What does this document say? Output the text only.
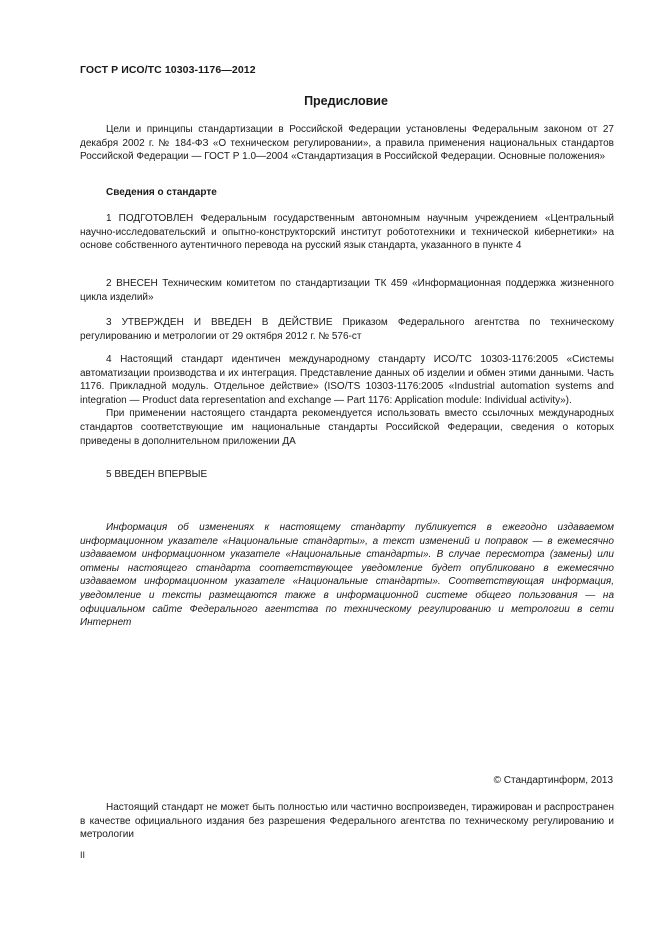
ГОСТ Р ИСО/ТС 10303-1176—2012
Предисловие
Цели и принципы стандартизации в Российской Федерации установлены Федеральным законом от 27 декабря 2002 г. № 184-ФЗ «О техническом регулировании», а правила применения национальных стандартов Российской Федерации — ГОСТ Р 1.0—2004 «Стандартизация в Российской Федерации. Основные положения»
Сведения о стандарте
1 ПОДГОТОВЛЕН Федеральным государственным автономным научным учреждением «Центральный научно-исследовательский и опытно-конструкторский институт робототехники и технической кибернетики» на основе собственного аутентичного перевода на русский язык стандарта, указанного в пункте 4
2 ВНЕСЕН Техническим комитетом по стандартизации ТК 459 «Информационная поддержка жизненного цикла изделий»
3 УТВЕРЖДЕН И ВВЕДЕН В ДЕЙСТВИЕ Приказом Федерального агентства по техническому регулированию и метрологии от 29 октября 2012 г. № 576-ст

4 Настоящий стандарт идентичен международному стандарту ИСО/ТС 10303-1176:2005 «Системы автоматизации производства и их интеграция. Представление данных об изделии и обмен этими данными. Часть 1176. Прикладной модуль. Отдельное действие» (ISO/TS 10303-1176:2005 «Industrial automation systems and integration — Product data representation and exchange — Part 1176: Application module: Individual activity»).

При применении настоящего стандарта рекомендуется использовать вместо ссылочных международных стандартов соответствующие им национальные стандарты Российской Федерации, сведения о которых приведены в дополнительном приложении ДА

5 ВВЕДЕН ВПЕРВЫЕ
Информация об изменениях к настоящему стандарту публикуется в ежегодно издаваемом информационном указателе «Национальные стандарты», а текст изменений и поправок — в ежемесячно издаваемом информационном указателе «Национальные стандарты». В случае пересмотра (замены) или отмены настоящего стандарта соответствующее уведомление будет опубликовано в ежемесячно издаваемом информационном указателе «Национальные стандарты». Соответствующая информация, уведомление и тексты размещаются также в информационной системе общего пользования — на официальном сайте Федерального агентства по техническому регулированию и метрологии в сети Интернет
© Стандартинформ, 2013
Настоящий стандарт не может быть полностью или частично воспроизведен, тиражирован и распространен в качестве официального издания без разрешения Федерального агентства по техническому регулированию и метрологии
II
